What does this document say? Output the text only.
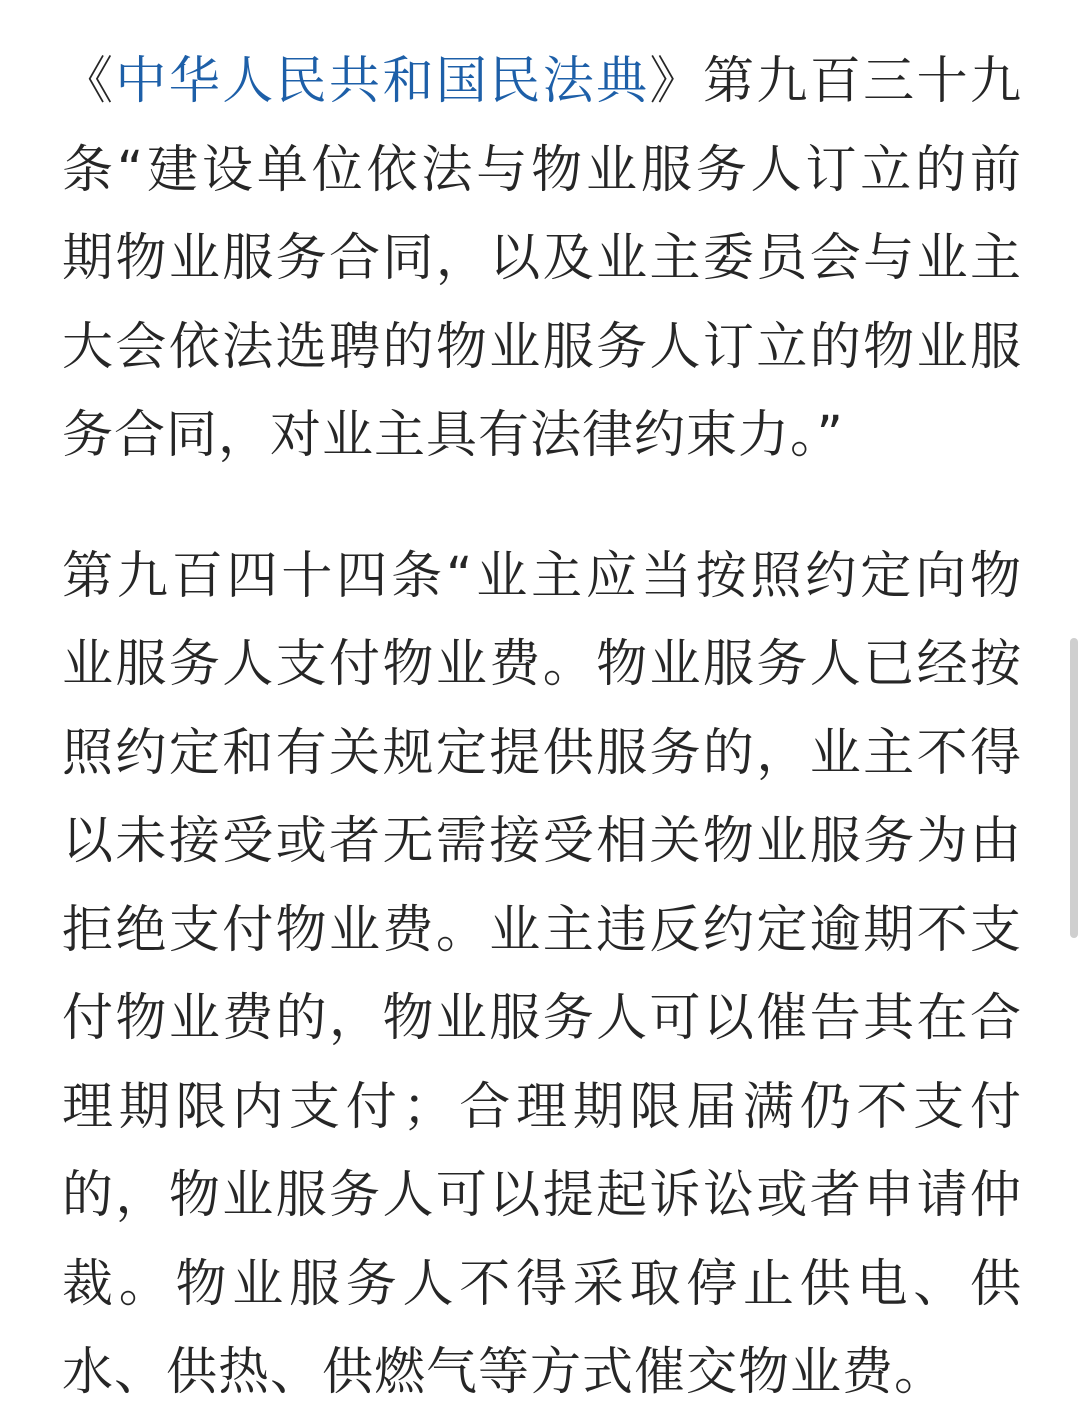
《中华人民共和国民法典》第九百三十九条“建设单位依法与物业服务人订立的前期物业服务合同，以及业主委员会与业主大会依法选聘的物业服务人订立的物业服务合同，对业主具有法律约束力。”

第九百四十四条“业主应当按照约定向物业服务人支付物业费。物业服务人已经按照约定和有关规定提供服务的，业主不得以未接受或者无需接受相关物业服务为由拒绝支付物业费。业主违反约定逾期不支付物业费的，物业服务人可以催告其在合理期限内支付；合理期限届满仍不支付的，物业服务人可以提起诉讼或者申请仲裁。物业服务人不得采取停止供电、供水、供热、供燃气等方式催交物业费。
